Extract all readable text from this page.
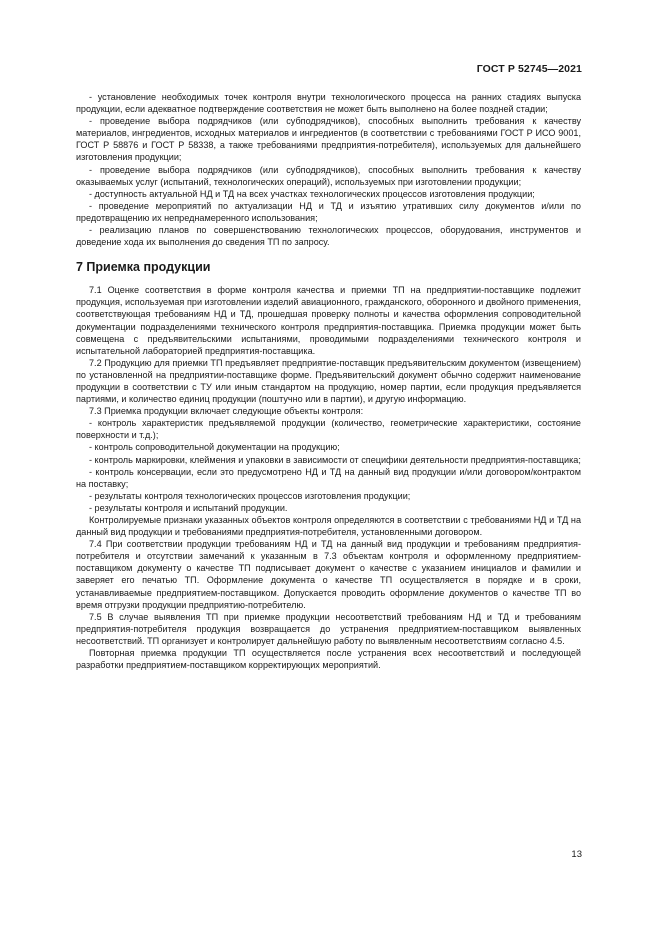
ГОСТ Р 52745—2021

- установление необходимых точек контроля внутри технологического процесса на ранних стадиях выпуска продукции, если адекватное подтверждение соответствия не может быть выполнено на более поздней стадии;

- проведение выбора подрядчиков (или субподрядчиков), способных выполнить требования к качеству материалов, ингредиентов, исходных материалов и ингредиентов (в соответствии с требованиями ГОСТ Р ИСО 9001, ГОСТ Р 58876 и ГОСТ Р 58338, а также требованиями предприятия-потребителя), используемых для дальнейшего изготовления продукции;

- проведение выбора подрядчиков (или субподрядчиков), способных выполнить требования к качеству оказываемых услуг (испытаний, технологических операций), используемых при изготовлении продукции;

- доступность актуальной НД и ТД на всех участках технологических процессов изготовления продукции;

- проведение мероприятий по актуализации НД и ТД и изъятию утративших силу документов и/или по предотвращению их непреднамеренного использования;

- реализацию планов по совершенствованию технологических процессов, оборудования, инструментов и доведение хода их выполнения до сведения ТП по запросу.

7 Приемка продукции

7.1 Оценке соответствия в форме контроля качества и приемки ТП на предприятии-поставщике подлежит продукция, используемая при изготовлении изделий авиационного, гражданского, оборонного и двойного применения, соответствующая требованиям НД и ТД, прошедшая проверку полноты и качества оформления сопроводительной документации подразделениями технического контроля предприятия-поставщика. Приемка продукции может быть совмещена с предъявительскими испытаниями, проводимыми подразделениями технического контроля и испытательной лабораторией предприятия-поставщика.

7.2 Продукцию для приемки ТП предъявляет предприятие-поставщик предъявительским документом (извещением) по установленной на предприятии-поставщике форме. Предъявительский документ обычно содержит наименование продукции в соответствии с ТУ или иным стандартом на продукцию, номер партии, если продукция предъявляется партиями, и количество единиц продукции (поштучно или в партии), и другую информацию.

7.3 Приемка продукции включает следующие объекты контроля:

- контроль характеристик предъявляемой продукции (количество, геометрические характеристики, состояние поверхности и т.д.);

- контроль сопроводительной документации на продукцию;

- контроль маркировки, клеймения и упаковки в зависимости от специфики деятельности предприятия-поставщика;

- контроль консервации, если это предусмотрено НД и ТД на данный вид продукции и/или договором/контрактом на поставку;

- результаты контроля технологических процессов изготовления продукции;

- результаты контроля и испытаний продукции.

Контролируемые признаки указанных объектов контроля определяются в соответствии с требованиями НД и ТД на данный вид продукции и требованиями предприятия-потребителя, установленными договором.

7.4 При соответствии продукции требованиям НД и ТД на данный вид продукции и требованиям предприятия-потребителя и отсутствии замечаний к указанным в 7.3 объектам контроля и оформленному предприятием-поставщиком документу о качестве ТП подписывает документ о качестве с указанием инициалов и фамилии и заверяет его печатью ТП. Оформление документа о качестве ТП осуществляется в порядке и в сроки, устанавливаемые предприятием-поставщиком. Допускается проводить оформление документов о качестве ТП во время отгрузки продукции предприятию-потребителю.

7.5 В случае выявления ТП при приемке продукции несоответствий требованиям НД и ТД и требованиям предприятия-потребителя продукция возвращается до устранения предприятием-поставщиком выявленных несоответствий. ТП организует и контролирует дальнейшую работу по выявленным несоответствиям согласно 4.5.

Повторная приемка продукции ТП осуществляется после устранения всех несоответствий и последующей разработки предприятием-поставщиком корректирующих мероприятий.

13
